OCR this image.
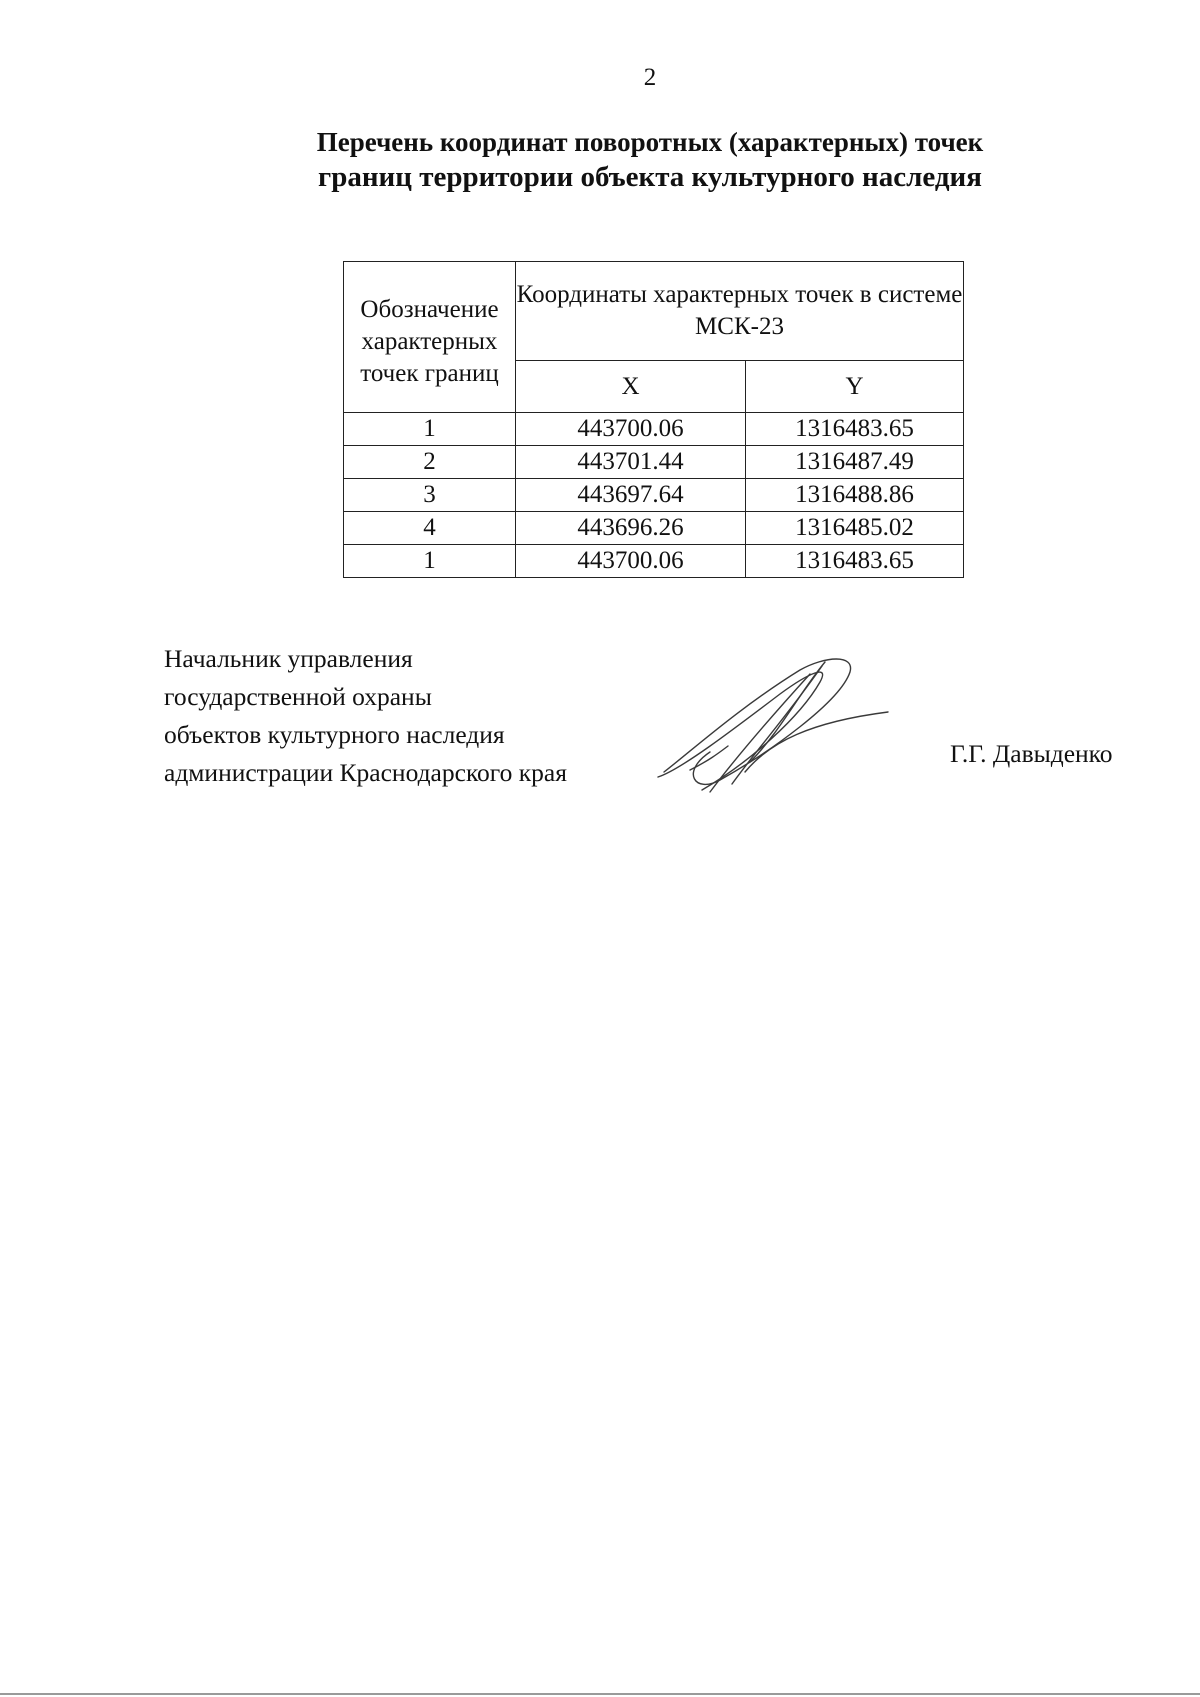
2
Перечень координат поворотных (характерных) точек
границ территории объекта культурного наследия
Обозначение характерных точек границ	Координаты характерных точек в системе МСК-23	
	X	Y
1	443700.06	1316483.65
2	443701.44	1316487.49
3	443697.64	1316488.86
4	443696.26	1316485.02
1	443700.06	1316483.65
Начальник управления
государственной охраны
объектов культурного наследия
администрации Краснодарского края
Г.Г. Давыденко
